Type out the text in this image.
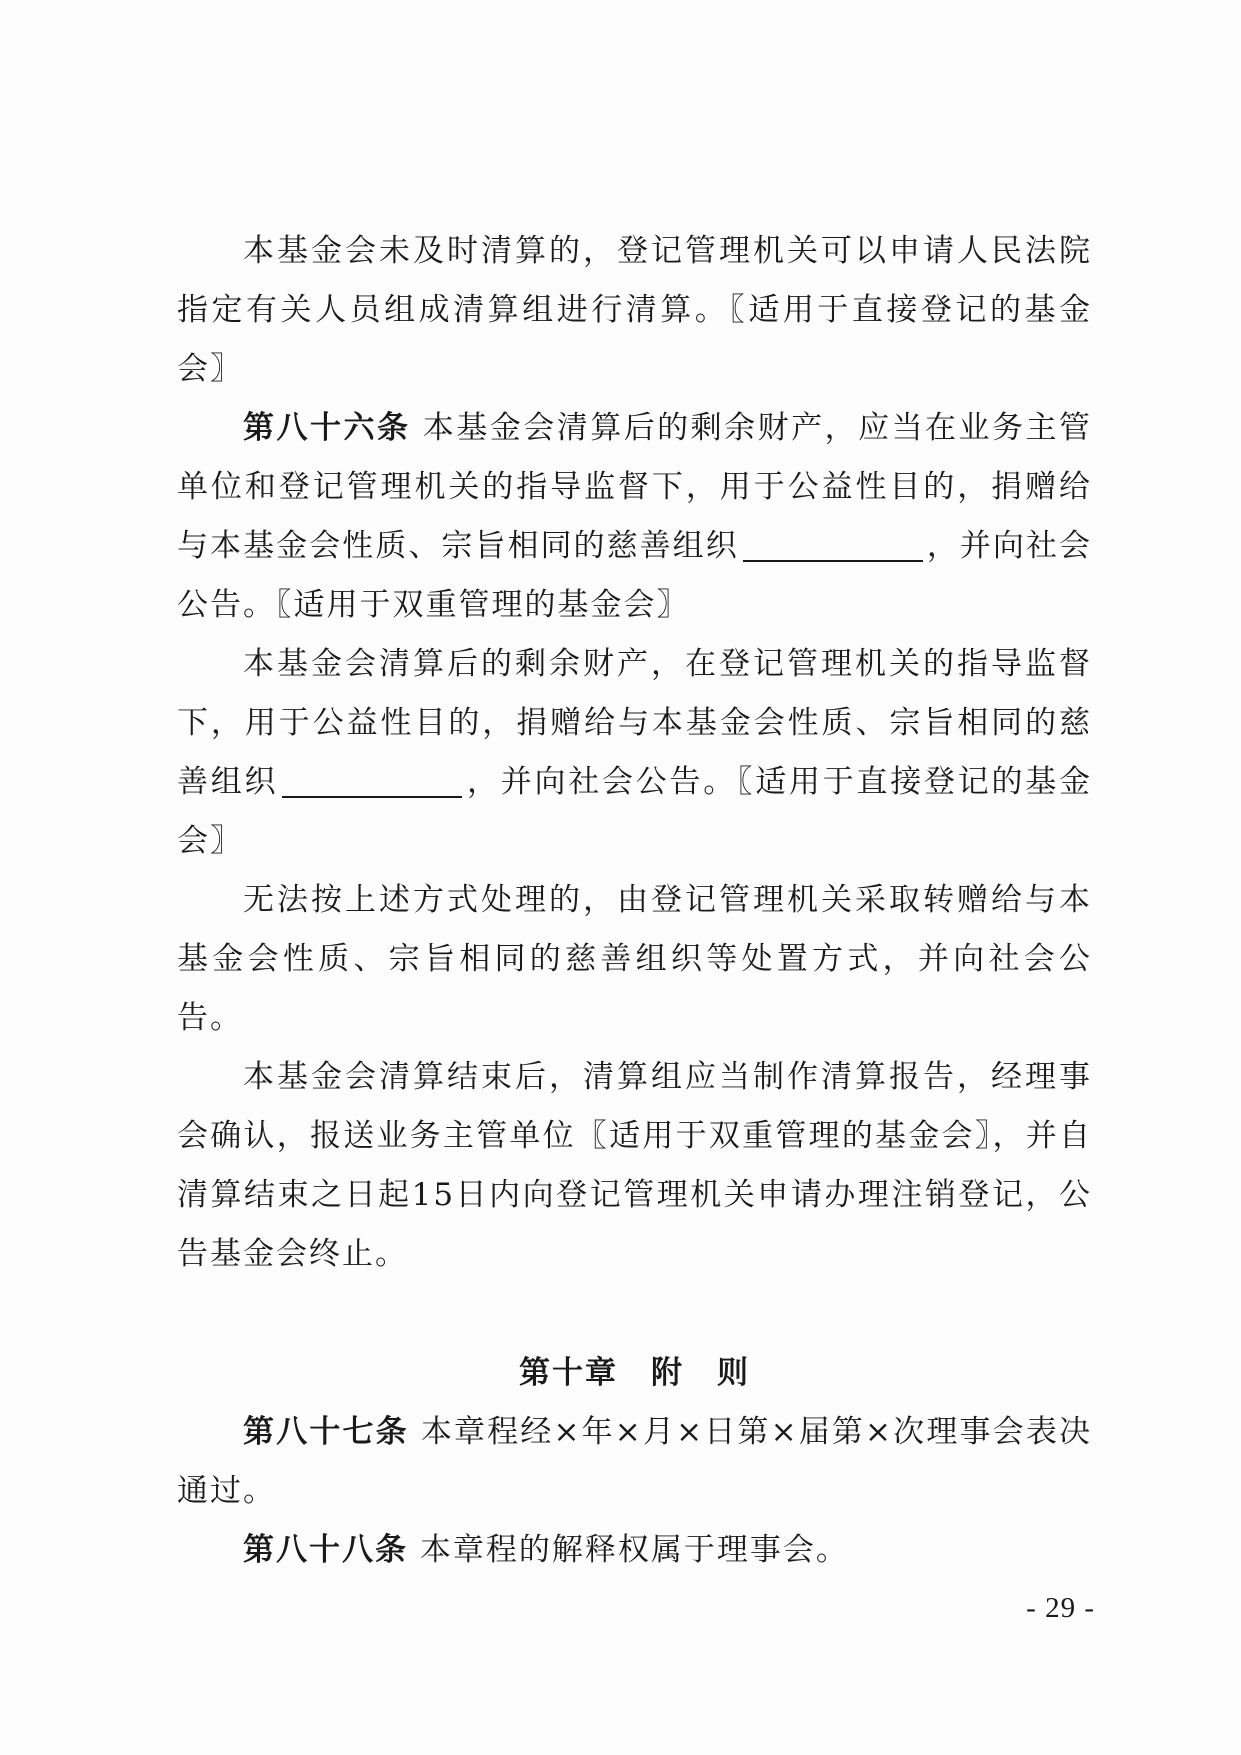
本基金会未及时清算的，登记管理机关可以申请人民法院指定有关人员组成清算组进行清算。〖适用于直接登记的基金会〗

第八十六条 本基金会清算后的剩余财产，应当在业务主管单位和登记管理机关的指导监督下，用于公益性目的，捐赠给与本基金会性质、宗旨相同的慈善组织	，并向社会公告。〖适用于双重管理的基金会〗

本基金会清算后的剩余财产，在登记管理机关的指导监督下，用于公益性目的，捐赠给与本基金会性质、宗旨相同的慈善组织	，并向社会公告。〖适用于直接登记的基金会〗

无法按上述方式处理的，由登记管理机关采取转赠给与本基金会性质、宗旨相同的慈善组织等处置方式，并向社会公告。

本基金会清算结束后，清算组应当制作清算报告，经理事会确认，报送业务主管单位〖适用于双重管理的基金会〗，并自清算结束之日起15日内向登记管理机关申请办理注销登记，公告基金会终止。

第十章　附　则

第八十七条 本章程经×年×月×日第×届第×次理事会表决通过。

第八十八条 本章程的解释权属于理事会。

- 29 -
